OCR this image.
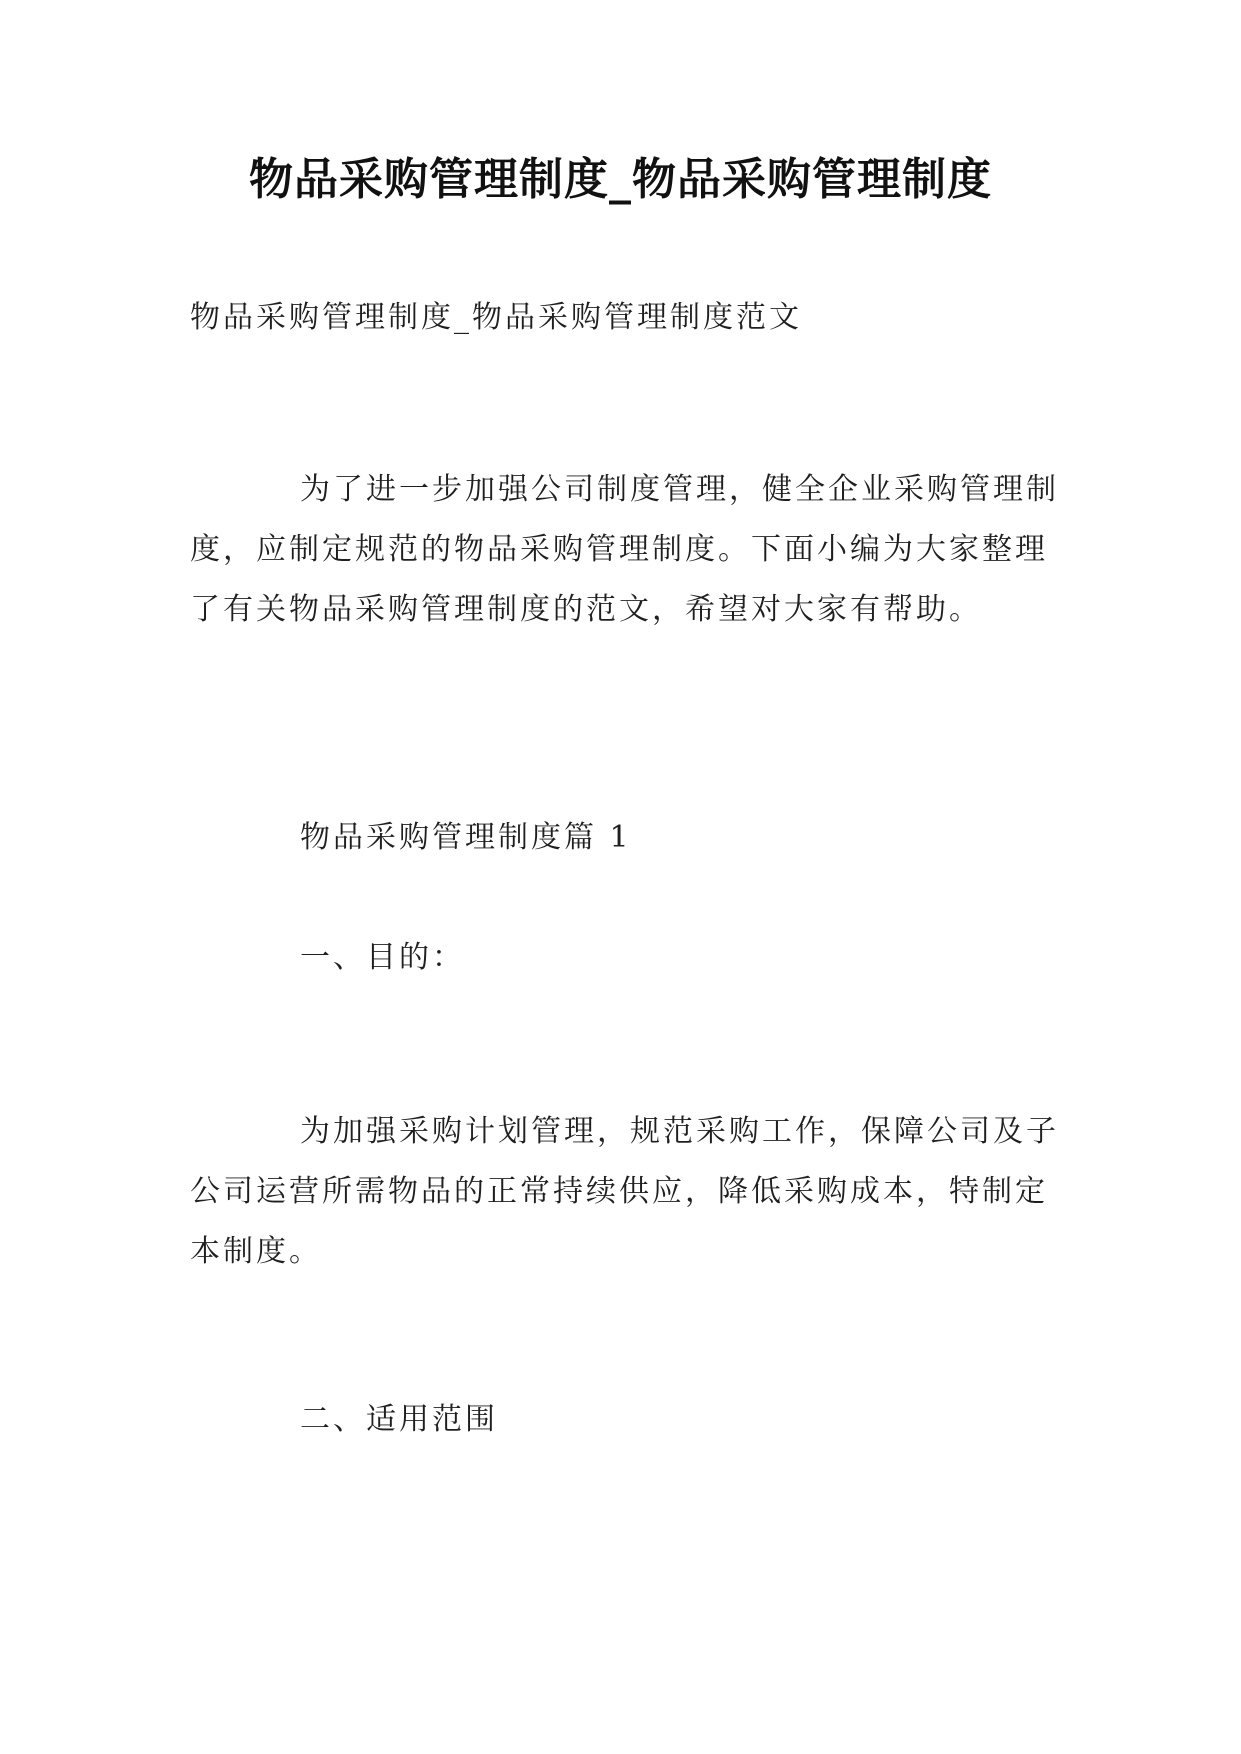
物品采购管理制度_物品采购管理制度

物品采购管理制度_物品采购管理制度范文

为了进一步加强公司制度管理，健全企业采购管理制度，应制定规范的物品采购管理制度。下面小编为大家整理了有关物品采购管理制度的范文，希望对大家有帮助。

物品采购管理制度篇 1

一、目的：

为加强采购计划管理，规范采购工作，保障公司及子公司运营所需物品的正常持续供应，降低采购成本，特制定本制度。

二、适用范围
